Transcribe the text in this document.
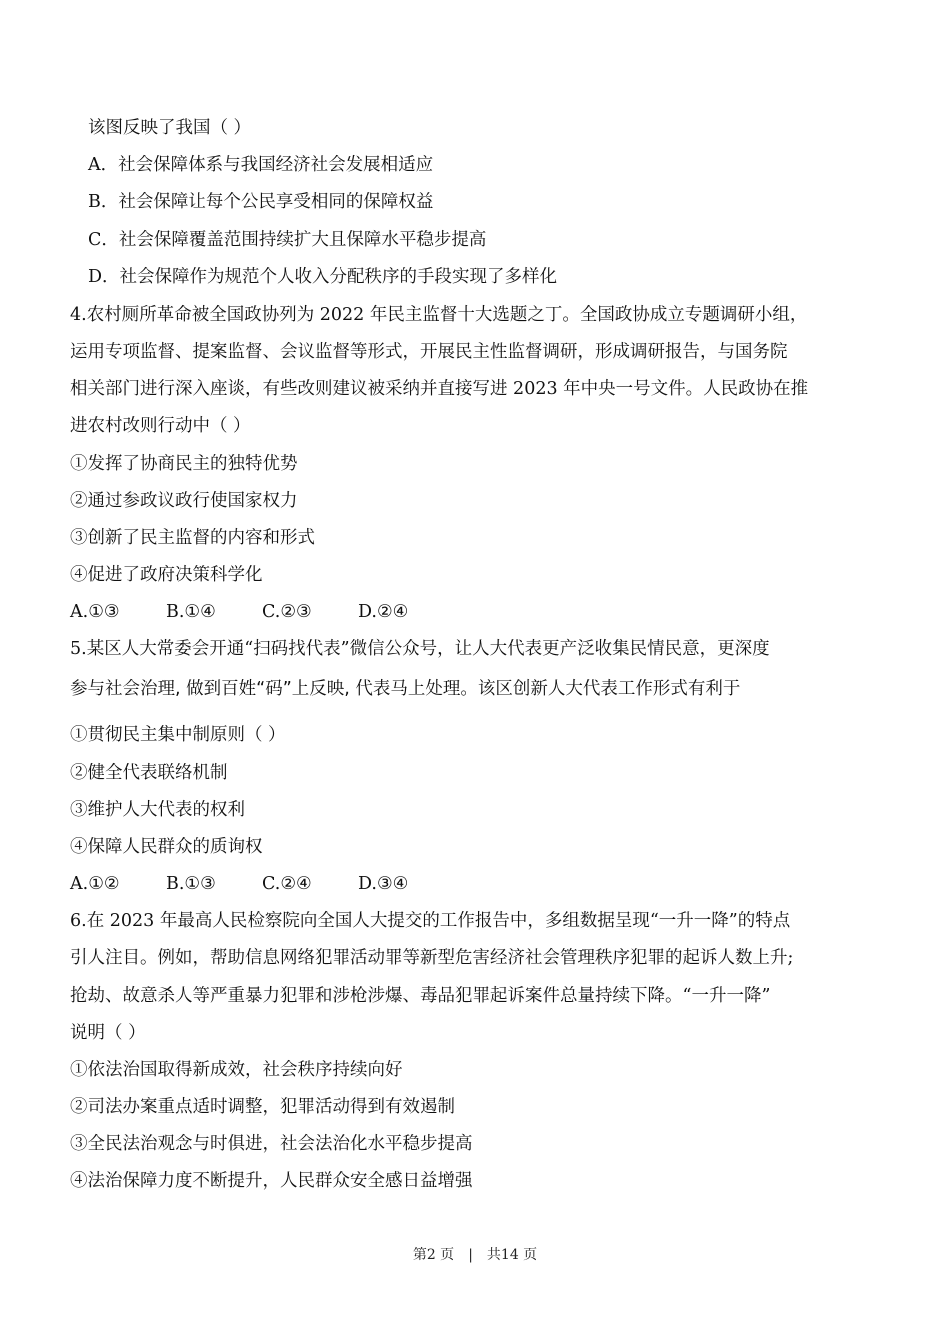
该图反映了我国（ ）
A．社会保障体系与我国经济社会发展相适应
B．社会保障让每个公民享受相同的保障权益
C．社会保障覆盖范围持续扩大且保障水平稳步提高
D．社会保障作为规范个人收入分配秩序的手段实现了多样化
4.农村厕所革命被全国政协列为 2022 年民主监督十大选题之丁。全国政协成立专题调研小组，
运用专项监督、提案监督、会议监督等形式，开展民主性监督调研，形成调研报告，与国务院
相关部门进行深入座谈，有些改则建议被采纳并直接写进 2023 年中央一号文件。人民政协在推
进农村改则行动中（ ）
①发挥了协商民主的独特优势
②通过参政议政行使国家权力
③创新了民主监督的内容和形式
④促进了政府决策科学化
A.①③	B.①④	C.②③	D.②④
5.某区人大常委会开通“扫码找代表”微信公众号，让人大代表更产泛收集民情民意，更深度
参与社会治理, 做到百姓“码”上反映, 代表马上处理。该区创新人大代表工作形式有利于
①贯彻民主集中制原则（ ）
②健全代表联络机制
③维护人大代表的权利
④保障人民群众的质询权
A.①②	B.①③	C.②④	D.③④
6.在 2023 年最高人民检察院向全国人大提交的工作报告中，多组数据呈现“一升一降”的特点
引人注目。例如，帮助信息网络犯罪活动罪等新型危害经济社会管理秩序犯罪的起诉人数上升;
抢劫、故意杀人等严重暴力犯罪和涉枪涉爆、毒品犯罪起诉案件总量持续下降。“一升一降”
说明（ ）
①依法治国取得新成效，社会秩序持续向好
②司法办案重点适时调整，犯罪活动得到有效遏制
③全民法治观念与时俱进，社会法治化水平稳步提高
④法治保障力度不断提升，人民群众安全感日益增强
第2 页 | 共14 页
